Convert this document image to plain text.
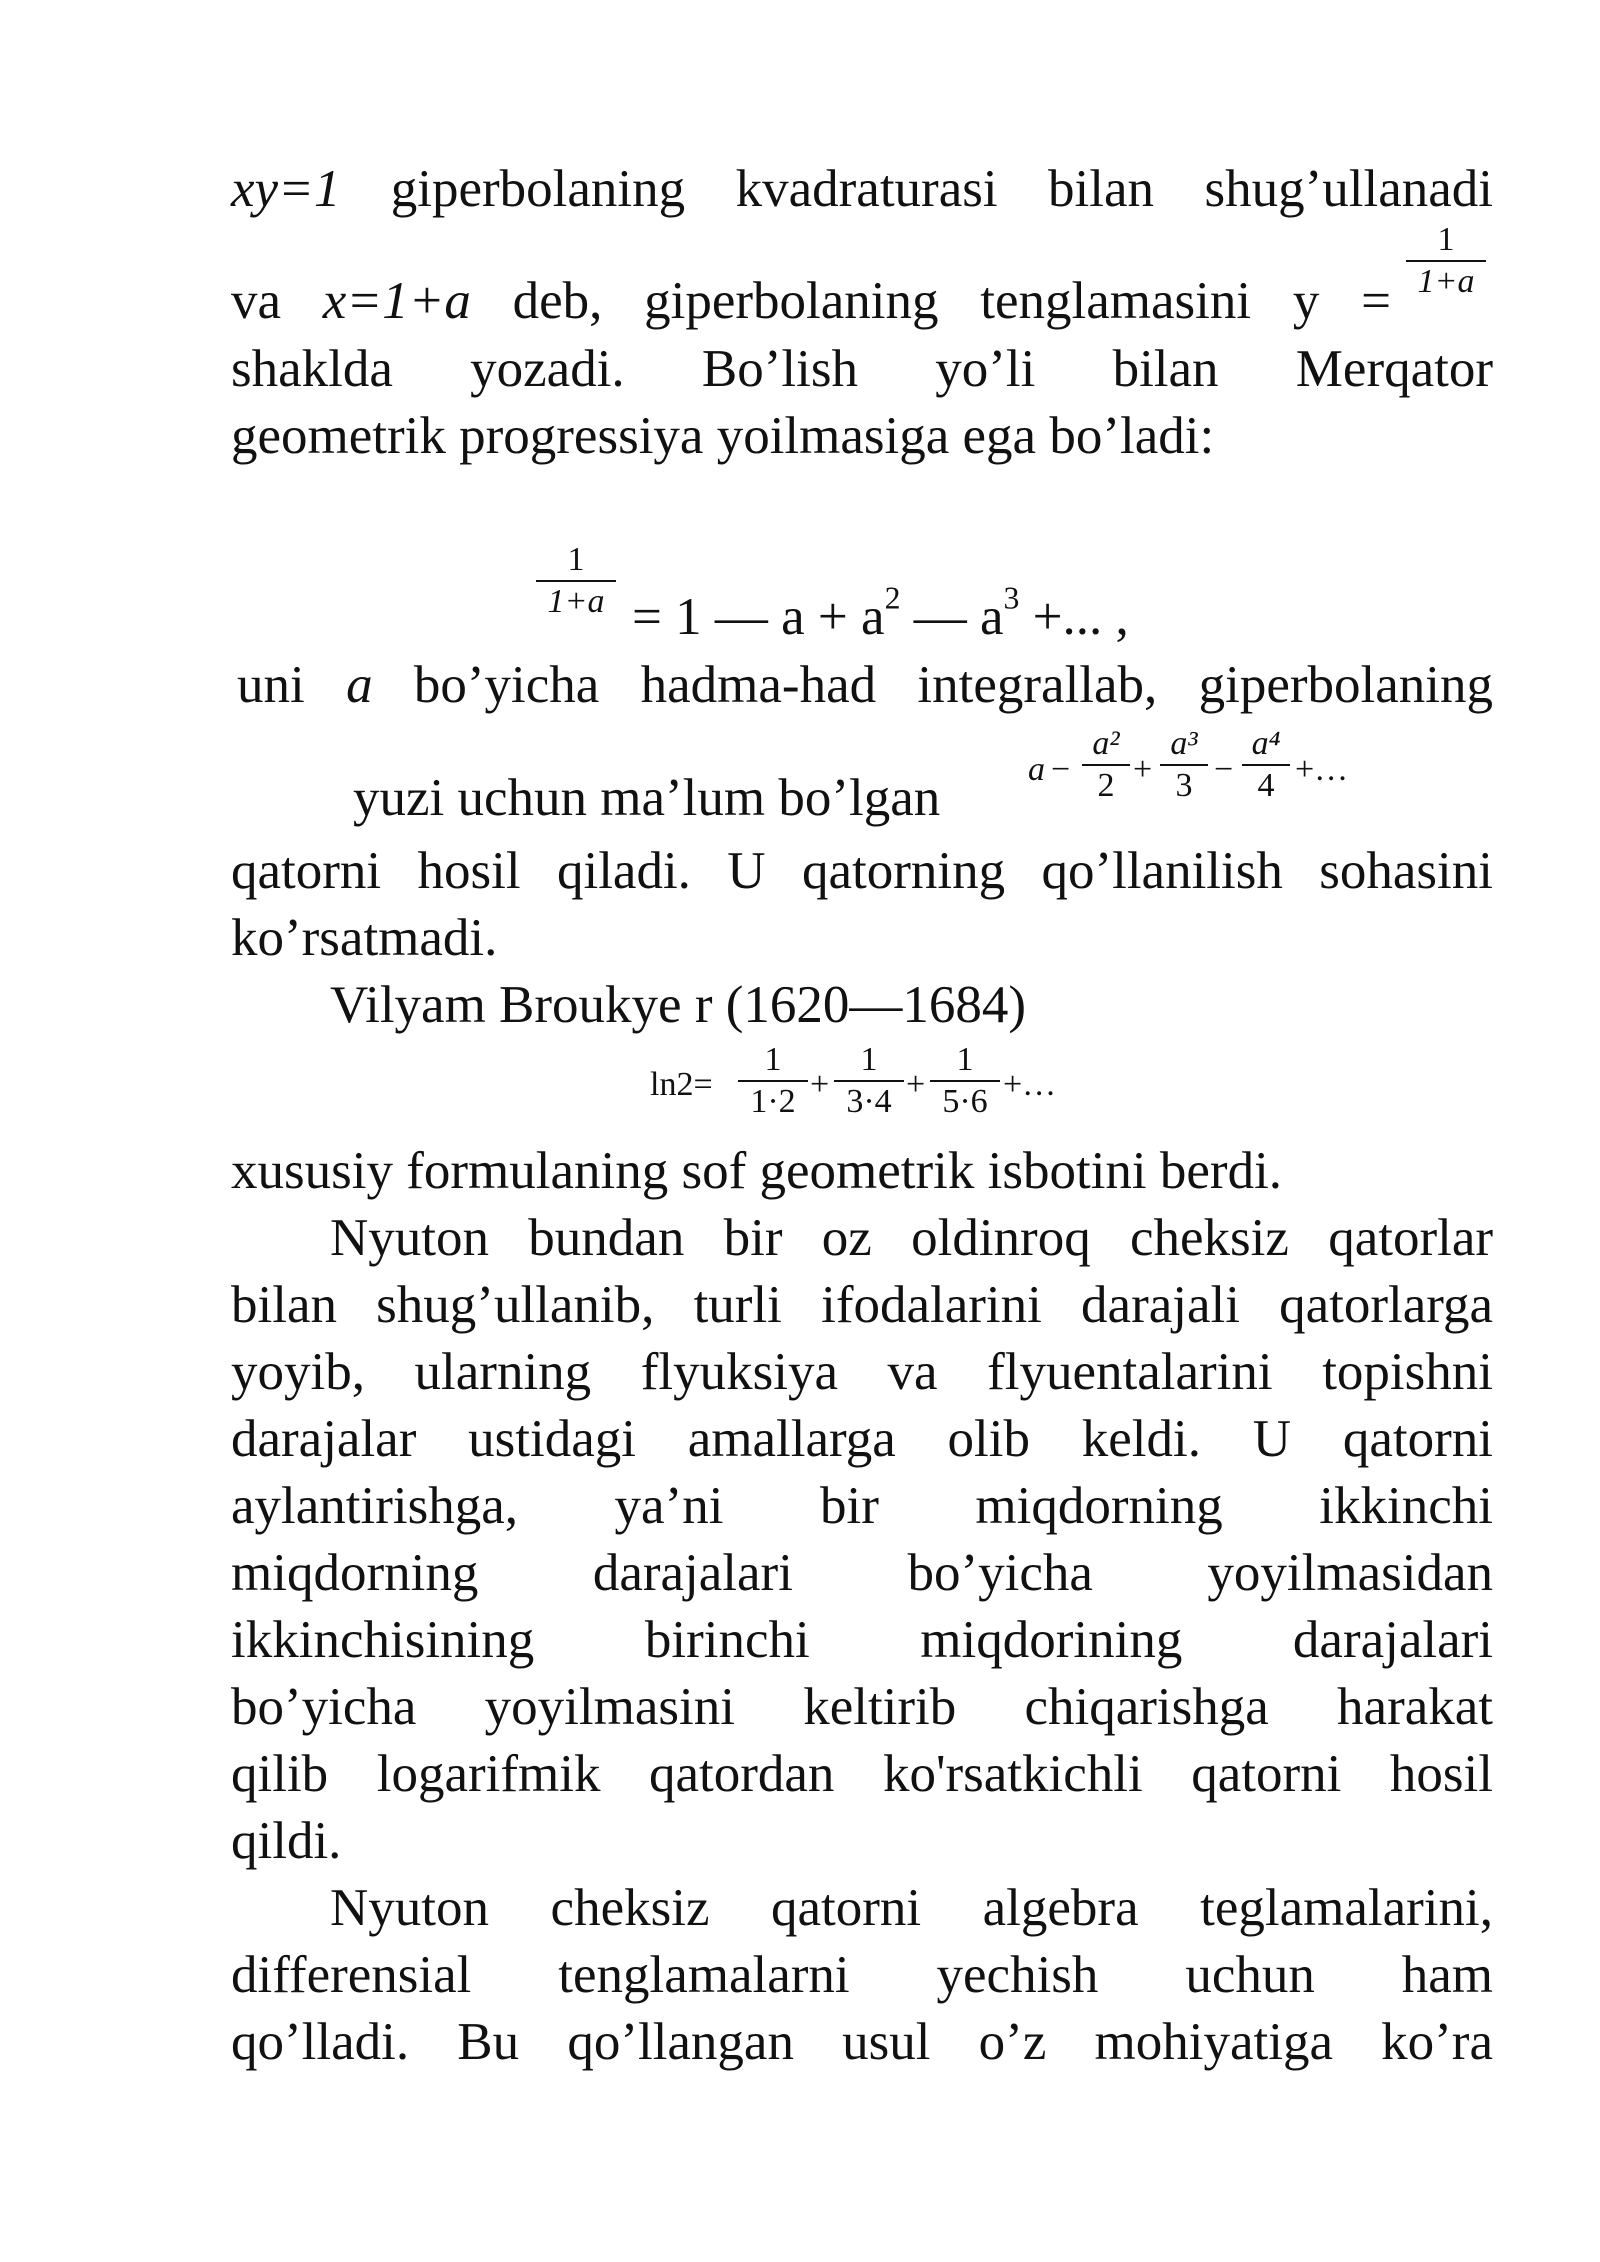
xy=1 giperbolaning kvadraturasi bilan shug’ullanadi
va x=1+a deb, giperbolaning tenglamasini $y = \frac{1}{1+a}$
shakldа yozadi. Bo’lish yo’li bilan Merqator
geometrik progressiya yoilmasiga ega bo’ladi:
$\frac{1}{1+a} = 1$ — $a + a^2$ — $a^3$ +... ,
uni a bo’yicha hadma-had integrallab, giperbolaning
yuzi uchun ma’lum bo’lgan	$a - \frac{\text{a²}}{2} + \frac{\text{a³}}{3} - \frac{\text{a⁴}}{4}$ +…
qatorni hosil qiladi. U qatorning qo’llanilish sohasini
ko’rsatmadi.
Vilyam Broukye r (1620—1684)
$\ln 2= \frac{1}{1\cdot 2} + \frac{1}{3\cdot 4} + \frac{1}{5\cdot 6}$ +…
xususiy formulaning sof geometrik isbotini berdi.
Nyuton bundan bir oz oldinroq cheksiz qatorlar
bilan shug’ullanib, turli ifodalarini darajali qatorlarga
yoyib, ularning flyuksiya va flyuentalarini topishni
darajalar ustidagi amallarga olib keldi. U qatorni
aylantirishga, ya’ni bir miqdorning ikkinchi
miqdorning darajalari bo’yicha yoyilmasidan
ikkinchisining birinchi miqdorining darajalari
bo’yicha yoyilmasini keltirib chiqarishga harakat
qilib logarifmik qatordan ko'rsatkichli qatorni hosil
qildi.
Nyuton cheksiz qatorni algebra teglamalarini,
differensial tenglamalarni yechish uchun ham
qo’lladi. Bu qo’llangan usul o’z mohiyatiga ko’ra
